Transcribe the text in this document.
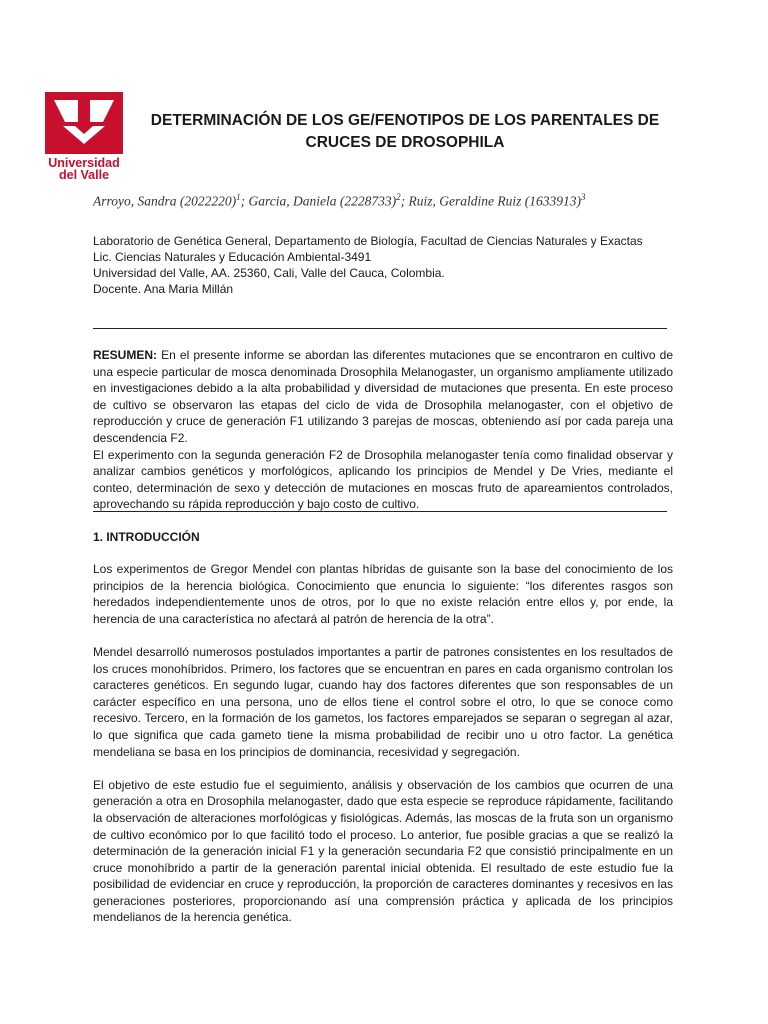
Universidad
del Valle
DETERMINACIÓN DE LOS GE/FENOTIPOS DE LOS PARENTALES DE
CRUCES DE DROSOPHILA
Arroyo, Sandra $(2022220)^1$; Garcia, Daniela $(2228733)^2$; Ruiz, Geraldine Ruiz $(1633913)^3$
Laboratorio de Genética General, Departamento de Biología, Facultad de Ciencias Naturales y Exactas
Lic. Ciencias Naturales y Educación Ambiental-3491
Universidad del Valle, AA. 25360, Cali, Valle del Cauca, Colombia.
Docente. Ana Maria Millán

RESUMEN: En el presente informe se abordan las diferentes mutaciones que se encontraron en cultivo de una especie particular de mosca denominada Drosophila Melanogaster, un organismo ampliamente utilizado en investigaciones debido a la alta probabilidad y diversidad de mutaciones que presenta. En este proceso de cultivo se observaron las etapas del ciclo de vida de Drosophila melanogaster, con el objetivo de reproducción y cruce de generación F1 utilizando 3 parejas de moscas, obteniendo así por cada pareja una descendencia F2.

El experimento con la segunda generación F2 de Drosophila melanogaster tenía como finalidad observar y analizar cambios genéticos y morfológicos, aplicando los principios de Mendel y De Vries, mediante el conteo, determinación de sexo y detección de mutaciones en moscas fruto de apareamientos controlados, aprovechando su rápida reproducción y bajo costo de cultivo.

1. INTRODUCCIÓN

Los experimentos de Gregor Mendel con plantas híbridas de guisante son la base del conocimiento de los principios de la herencia biológica. Conocimiento que enuncia lo siguiente: “los diferentes rasgos son heredados independientemente unos de otros, por lo que no existe relación entre ellos y, por ende, la herencia de una característica no afectará al patrón de herencia de la otra”.

Mendel desarrolló numerosos postulados importantes a partir de patrones consistentes en los resultados de los cruces monohíbridos. Primero, los factores que se encuentran en pares en cada organismo controlan los caracteres genéticos. En segundo lugar, cuando hay dos factores diferentes que son responsables de un carácter específico en una persona, uno de ellos tiene el control sobre el otro, lo que se conoce como recesivo. Tercero, en la formación de los gametos, los factores emparejados se separan o segregan al azar, lo que significa que cada gameto tiene la misma probabilidad de recibir uno u otro factor. La genética mendeliana se basa en los principios de dominancia, recesividad y segregación.

El objetivo de este estudio fue el seguimiento, análisis y observación de los cambios que ocurren de una generación a otra en Drosophila melanogaster, dado que esta especie se reproduce rápidamente, facilitando la observación de alteraciones morfológicas y fisiológicas. Además, las moscas de la fruta son un organismo de cultivo económico por lo que facilitó todo el proceso. Lo anterior, fue posible gracias a que se realizó la determinación de la generación inicial F1 y la generación secundaria F2 que consistió principalmente en un cruce monohíbrido a partir de la generación parental inicial obtenida. El resultado de este estudio fue la posibilidad de evidenciar en cruce y reproducción, la proporción de caracteres dominantes y recesivos en las generaciones posteriores, proporcionando así una comprensión práctica y aplicada de los principios mendelianos de la herencia genética.
